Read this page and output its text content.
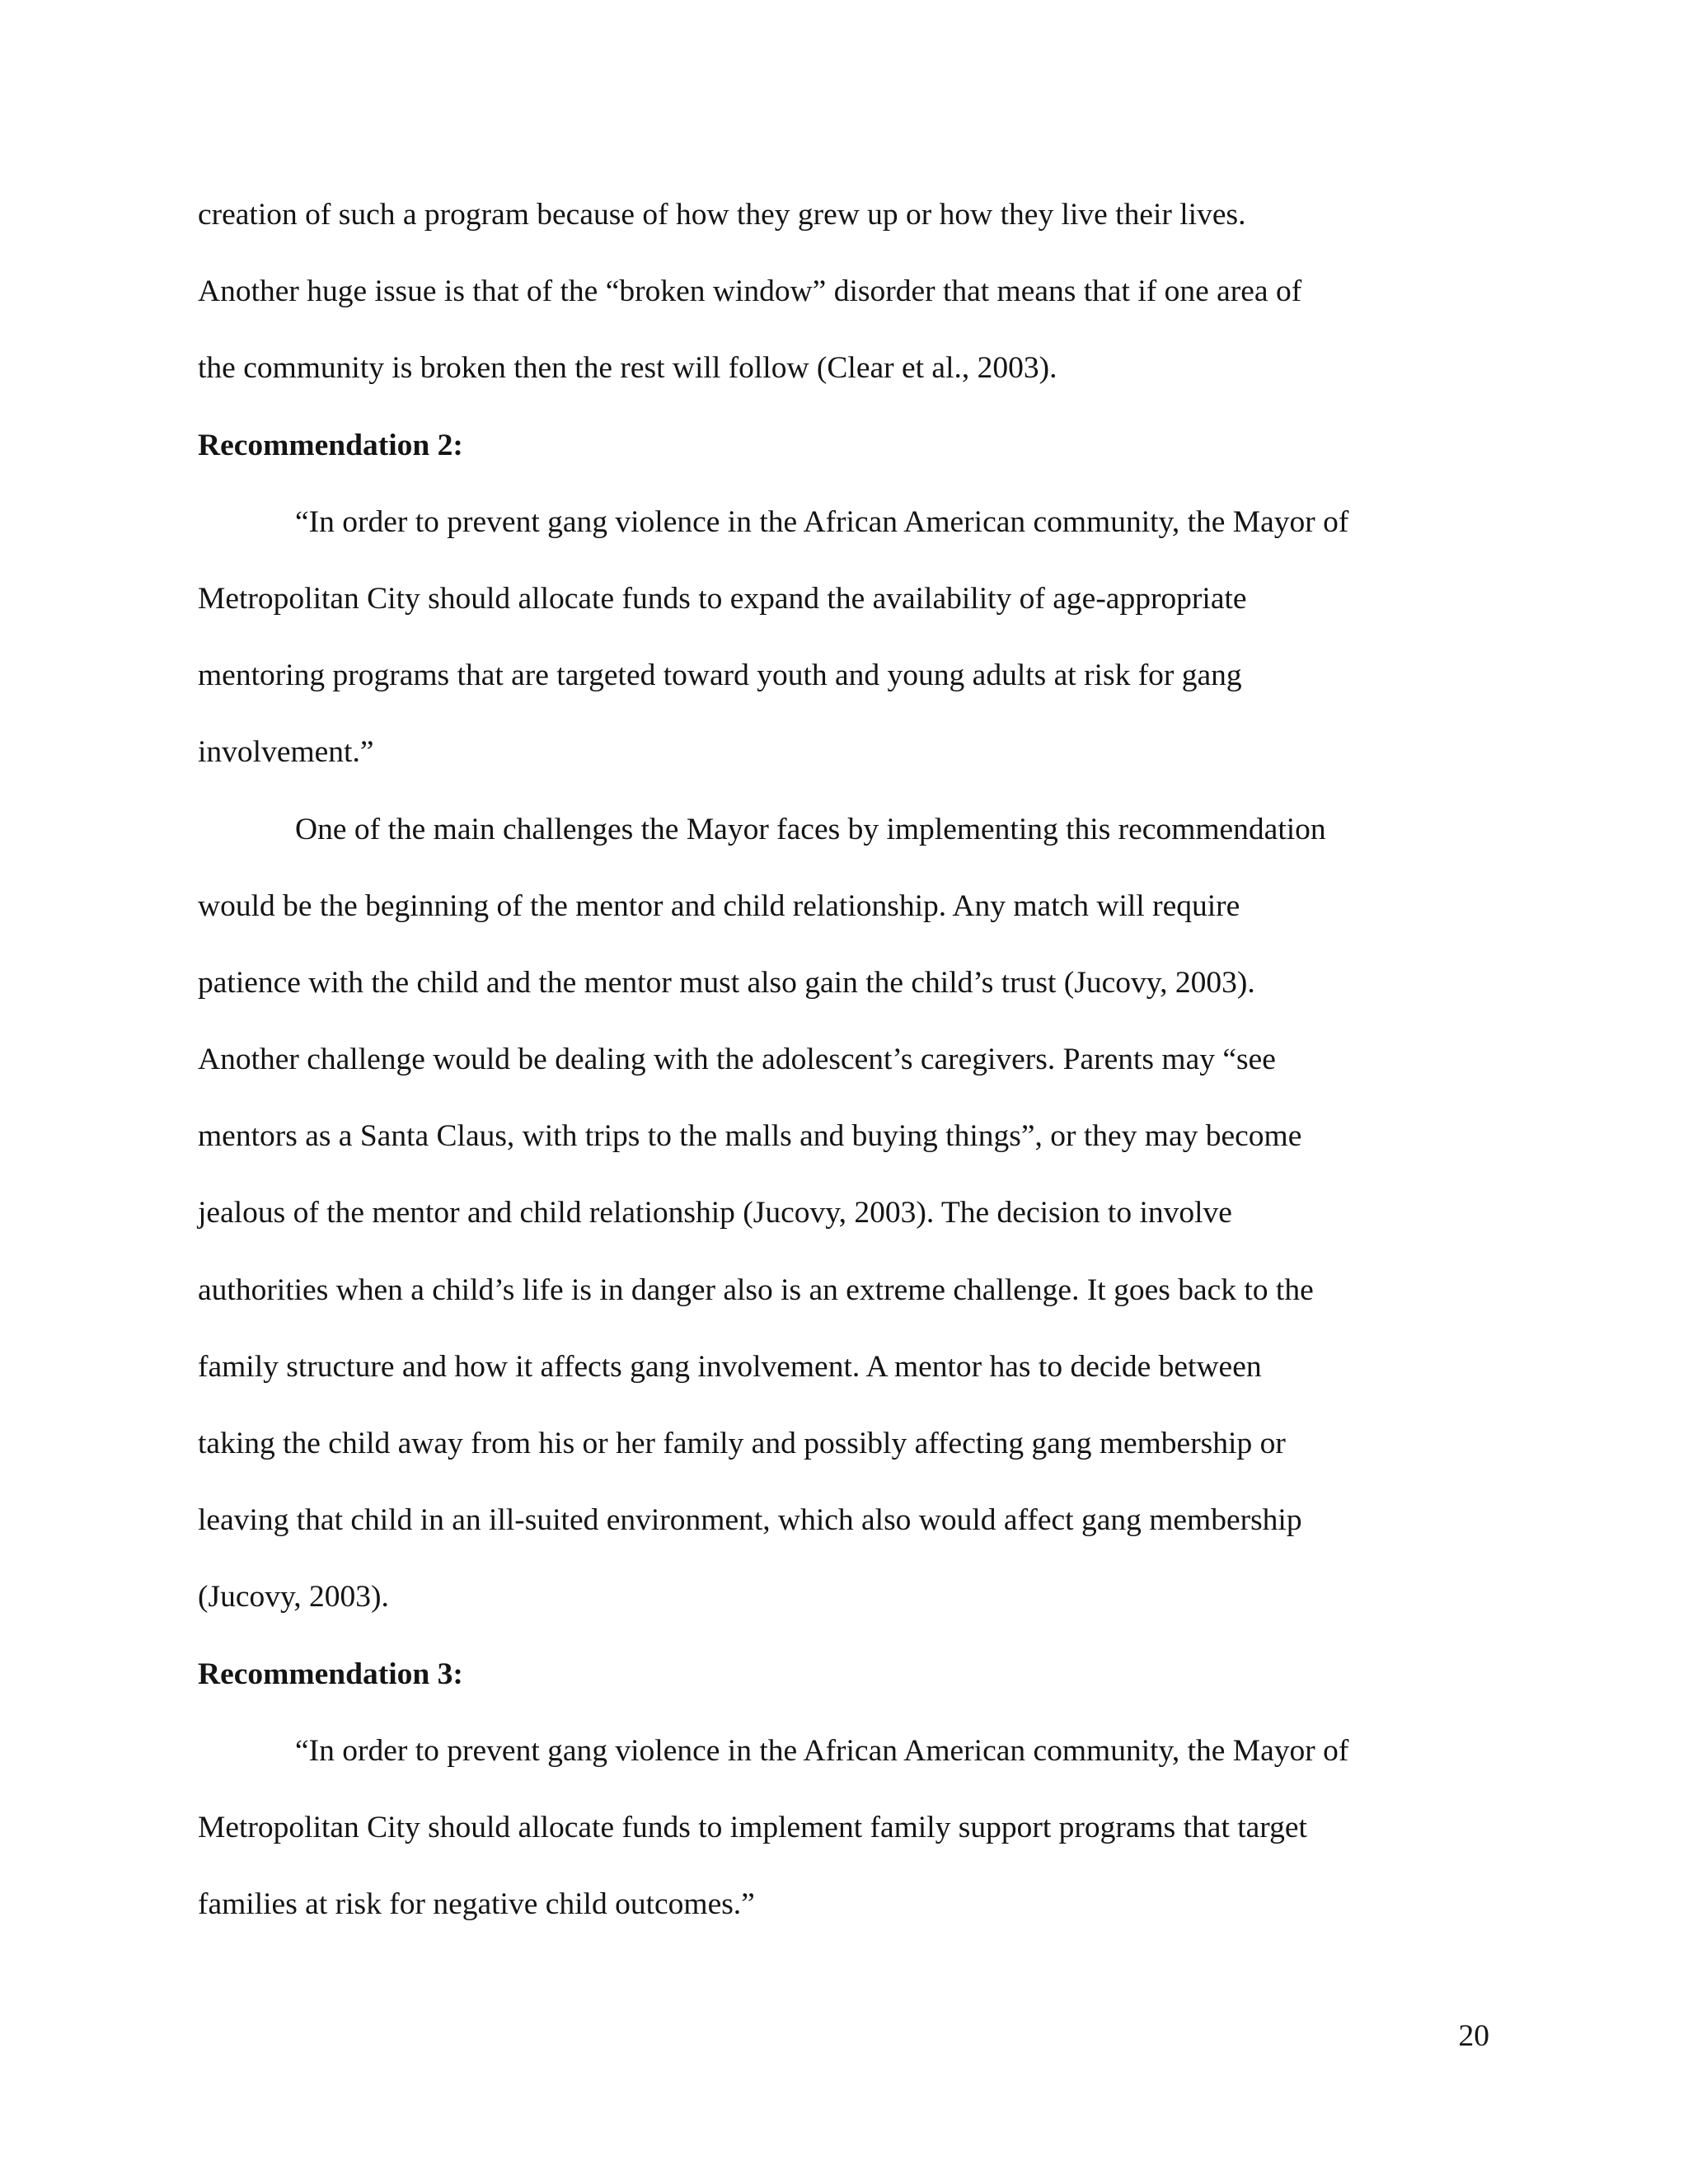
creation of such a program because of how they grew up or how they live their lives.
Another huge issue is that of the “broken window” disorder that means that if one area of
the community is broken then the rest will follow (Clear et al., 2003).
Recommendation 2:
“In order to prevent gang violence in the African American community, the Mayor of
Metropolitan City should allocate funds to expand the availability of age-appropriate
mentoring programs that are targeted toward youth and young adults at risk for gang
involvement.”
One of the main challenges the Mayor faces by implementing this recommendation
would be the beginning of the mentor and child relationship. Any match will require
patience with the child and the mentor must also gain the child’s trust (Jucovy, 2003).
Another challenge would be dealing with the adolescent’s caregivers. Parents may “see
mentors as a Santa Claus, with trips to the malls and buying things”, or they may become
jealous of the mentor and child relationship (Jucovy, 2003). The decision to involve
authorities when a child’s life is in danger also is an extreme challenge. It goes back to the
family structure and how it affects gang involvement. A mentor has to decide between
taking the child away from his or her family and possibly affecting gang membership or
leaving that child in an ill-suited environment, which also would affect gang membership
(Jucovy, 2003).
Recommendation 3:
“In order to prevent gang violence in the African American community, the Mayor of
Metropolitan City should allocate funds to implement family support programs that target
families at risk for negative child outcomes.”
20
